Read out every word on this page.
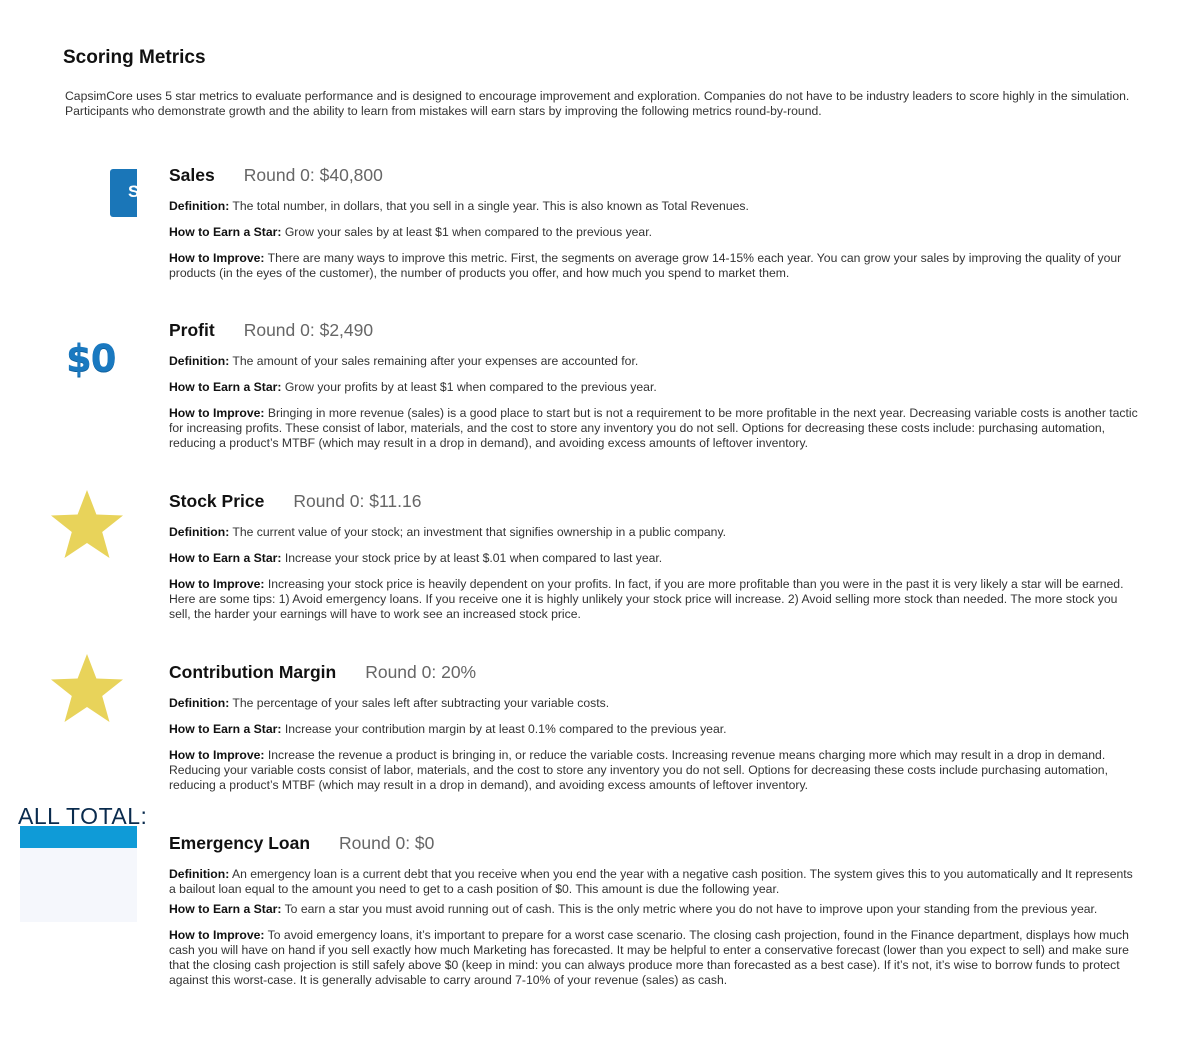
Scoring Metrics

CapsimCore uses 5 star metrics to evaluate performance and is designed to encourage improvement and exploration. Companies do not have to be industry leaders to score highly in the simulation. Participants who demonstrate growth and the ability to learn from mistakes will earn stars by improving the following metrics round-by-round.

S
$0
ALL TOTAL:
Sales Round 0: $40,800

Definition: The total number, in dollars, that you sell in a single year. This is also known as Total Revenues.

How to Earn a Star: Grow your sales by at least $1 when compared to the previous year.

How to Improve: There are many ways to improve this metric. First, the segments on average grow 14-15% each year. You can grow your sales by improving the quality of your products (in the eyes of the customer), the number of products you offer, and how much you spend to market them.

Profit Round 0: $2,490

Definition: The amount of your sales remaining after your expenses are accounted for.

How to Earn a Star: Grow your profits by at least $1 when compared to the previous year.

How to Improve: Bringing in more revenue (sales) is a good place to start but is not a requirement to be more profitable in the next year. Decreasing variable costs is another tactic for increasing profits. These consist of labor, materials, and the cost to store any inventory you do not sell. Options for decreasing these costs include: purchasing automation, reducing a product’s MTBF (which may result in a drop in demand), and avoiding excess amounts of leftover inventory.

Stock Price Round 0: $11.16

Definition: The current value of your stock; an investment that signifies ownership in a public company.

How to Earn a Star: Increase your stock price by at least $.01 when compared to last year.

How to Improve: Increasing your stock price is heavily dependent on your profits. In fact, if you are more profitable than you were in the past it is very likely a star will be earned. Here are some tips: 1) Avoid emergency loans. If you receive one it is highly unlikely your stock price will increase. 2) Avoid selling more stock than needed. The more stock you sell, the harder your earnings will have to work see an increased stock price.

Contribution Margin Round 0: 20%

Definition: The percentage of your sales left after subtracting your variable costs.

How to Earn a Star: Increase your contribution margin by at least 0.1% compared to the previous year.

How to Improve: Increase the revenue a product is bringing in, or reduce the variable costs. Increasing revenue means charging more which may result in a drop in demand. Reducing your variable costs consist of labor, materials, and the cost to store any inventory you do not sell. Options for decreasing these costs include purchasing automation, reducing a product’s MTBF (which may result in a drop in demand), and avoiding excess amounts of leftover inventory.

Emergency Loan Round 0: $0

Definition: An emergency loan is a current debt that you receive when you end the year with a negative cash position. The system gives this to you automatically and It represents a bailout loan equal to the amount you need to get to a cash position of $0. This amount is due the following year.

How to Earn a Star: To earn a star you must avoid running out of cash. This is the only metric where you do not have to improve upon your standing from the previous year.

How to Improve: To avoid emergency loans, it’s important to prepare for a worst case scenario. The closing cash projection, found in the Finance department, displays how much cash you will have on hand if you sell exactly how much Marketing has forecasted. It may be helpful to enter a conservative forecast (lower than you expect to sell) and make sure that the closing cash projection is still safely above $0 (keep in mind: you can always produce more than forecasted as a best case). If it’s not, it’s wise to borrow funds to protect against this worst-case. It is generally advisable to carry around 7-10% of your revenue (sales) as cash.
